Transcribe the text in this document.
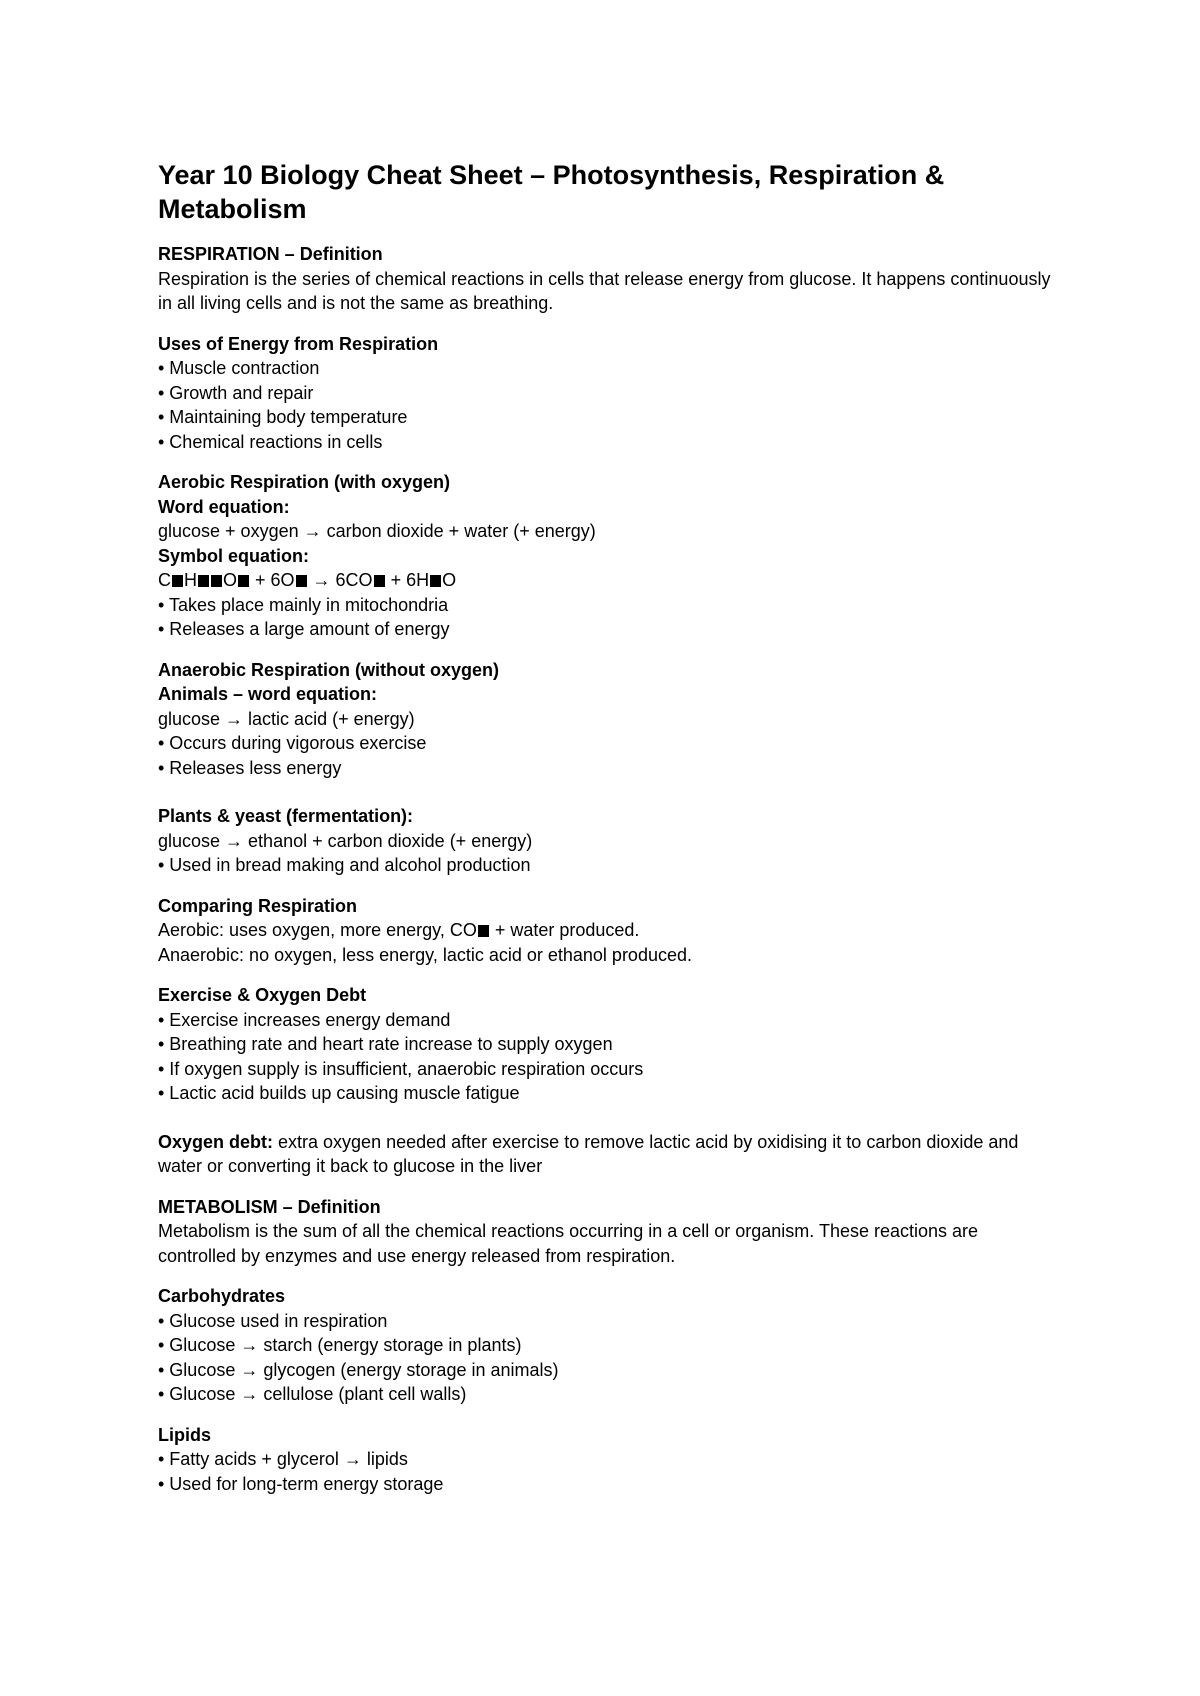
Year 10 Biology Cheat Sheet – Photosynthesis, Respiration & Metabolism
RESPIRATION – Definition
Respiration is the series of chemical reactions in cells that release energy from glucose. It happens continuously in all living cells and is not the same as breathing.
Uses of Energy from Respiration
• Muscle contraction
• Growth and repair
• Maintaining body temperature
• Chemical reactions in cells
Aerobic Respiration (with oxygen)
Word equation:
glucose + oxygen → carbon dioxide + water (+ energy)
Symbol equation:
C H O + 6O → 6CO + 6H O
• Takes place mainly in mitochondria
• Releases a large amount of energy
Anaerobic Respiration (without oxygen)
Animals – word equation:
glucose → lactic acid (+ energy)
• Occurs during vigorous exercise
• Releases less energy
Plants & yeast (fermentation):
glucose → ethanol + carbon dioxide (+ energy)
• Used in bread making and alcohol production
Comparing Respiration
Aerobic: uses oxygen, more energy, CO + water produced.
Anaerobic: no oxygen, less energy, lactic acid or ethanol produced.
Exercise & Oxygen Debt
• Exercise increases energy demand
• Breathing rate and heart rate increase to supply oxygen
• If oxygen supply is insufficient, anaerobic respiration occurs
• Lactic acid builds up causing muscle fatigue
Oxygen debt: extra oxygen needed after exercise to remove lactic acid by oxidising it to carbon dioxide and water or converting it back to glucose in the liver
METABOLISM – Definition
Metabolism is the sum of all the chemical reactions occurring in a cell or organism. These reactions are controlled by enzymes and use energy released from respiration.
Carbohydrates
• Glucose used in respiration
• Glucose → starch (energy storage in plants)
• Glucose → glycogen (energy storage in animals)
• Glucose → cellulose (plant cell walls)
Lipids
• Fatty acids + glycerol → lipids
• Used for long-term energy storage
